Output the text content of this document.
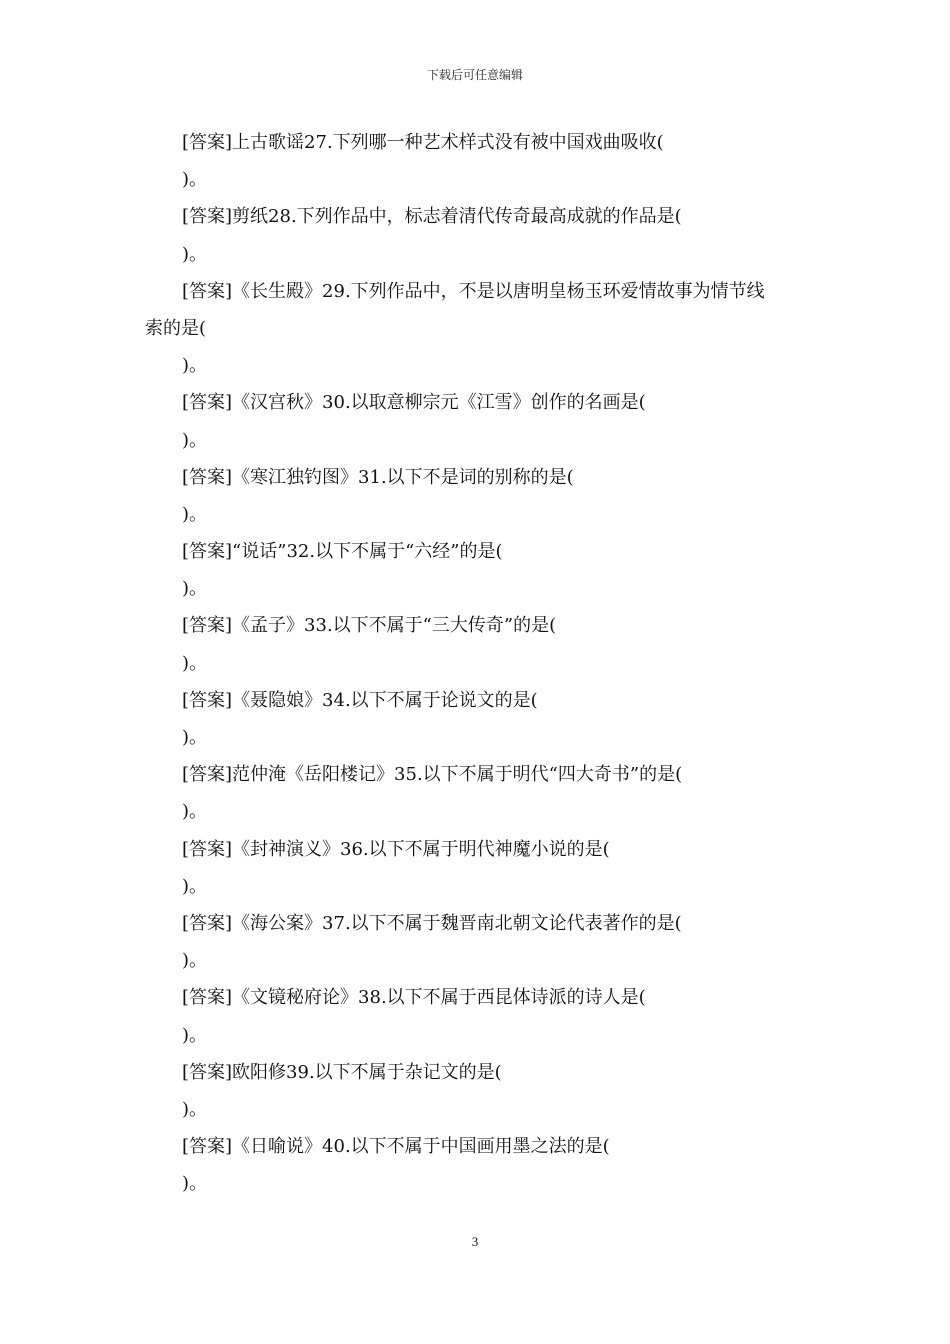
下载后可任意编辑
[答案]上古歌谣27.下列哪一种艺术样式没有被中国戏曲吸收(
)。
[答案]剪纸28.下列作品中，标志着清代传奇最高成就的作品是(
)。
[答案]《长生殿》29.下列作品中，不是以唐明皇杨玉环爱情故事为情节线
索的是(
)。
[答案]《汉宫秋》30.以取意柳宗元《江雪》创作的名画是(
)。
[答案]《寒江独钓图》31.以下不是词的别称的是(
)。
[答案]“说话”32.以下不属于“六经”的是(
)。
[答案]《孟子》33.以下不属于“三大传奇”的是(
)。
[答案]《聂隐娘》34.以下不属于论说文的是(
)。
[答案]范仲淹《岳阳楼记》35.以下不属于明代“四大奇书”的是(
)。
[答案]《封神演义》36.以下不属于明代神魔小说的是(
)。
[答案]《海公案》37.以下不属于魏晋南北朝文论代表著作的是(
)。
[答案]《文镜秘府论》38.以下不属于西昆体诗派的诗人是(
)。
[答案]欧阳修39.以下不属于杂记文的是(
)。
[答案]《日喻说》40.以下不属于中国画用墨之法的是(
)。
3
